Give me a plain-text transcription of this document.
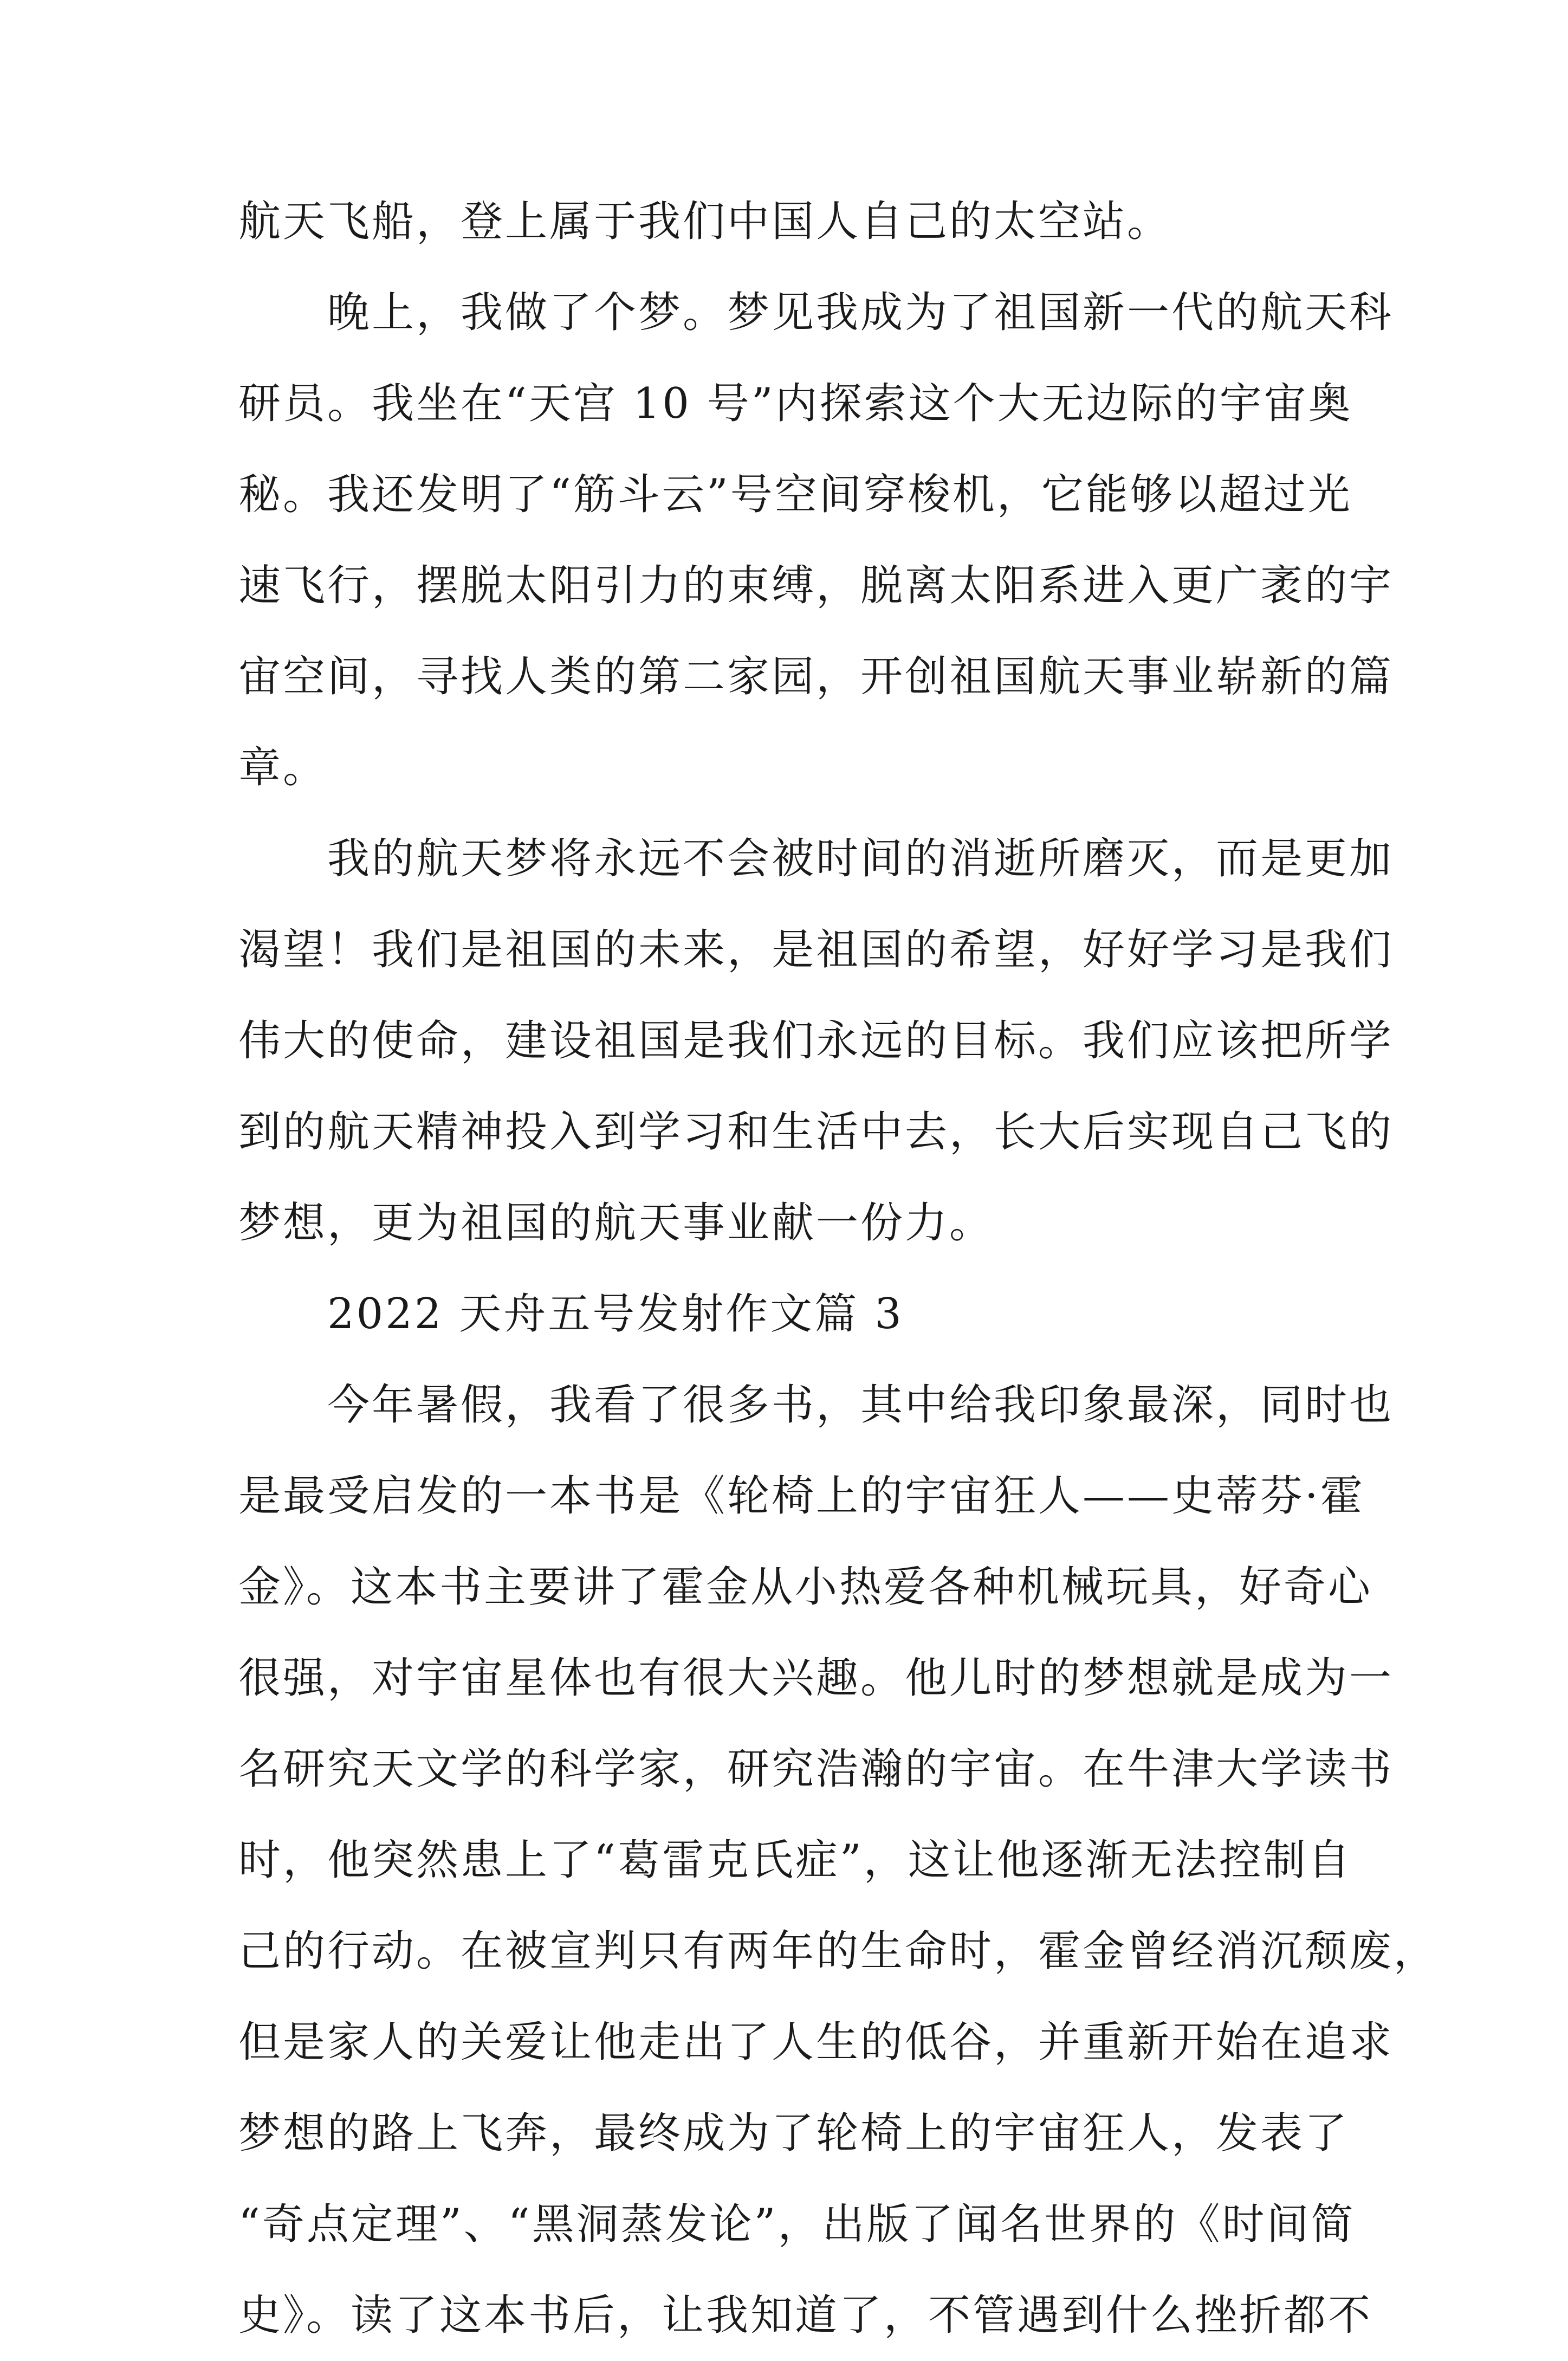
航天飞船，登上属于我们中国人自己的太空站。
晚上，我做了个梦。梦见我成为了祖国新一代的航天科
研员。我坐在“天宫 10 号”内探索这个大无边际的宇宙奥
秘。我还发明了“筋斗云”号空间穿梭机，它能够以超过光
速飞行，摆脱太阳引力的束缚，脱离太阳系进入更广袤的宇
宙空间，寻找人类的第二家园，开创祖国航天事业崭新的篇
章。
我的航天梦将永远不会被时间的消逝所磨灭，而是更加
渴望！我们是祖国的未来，是祖国的希望，好好学习是我们
伟大的使命，建设祖国是我们永远的目标。我们应该把所学
到的航天精神投入到学习和生活中去，长大后实现自己飞的
梦想，更为祖国的航天事业献一份力。
2022 天舟五号发射作文篇 3
今年暑假，我看了很多书，其中给我印象最深，同时也
是最受启发的一本书是《轮椅上的宇宙狂人——史蒂芬·霍
金》。这本书主要讲了霍金从小热爱各种机械玩具，好奇心
很强，对宇宙星体也有很大兴趣。他儿时的梦想就是成为一
名研究天文学的科学家，研究浩瀚的宇宙。在牛津大学读书
时，他突然患上了“葛雷克氏症”，这让他逐渐无法控制自
己的行动。在被宣判只有两年的生命时，霍金曾经消沉颓废，
但是家人的关爱让他走出了人生的低谷，并重新开始在追求
梦想的路上飞奔，最终成为了轮椅上的宇宙狂人，发表了
“奇点定理”、“黑洞蒸发论”，出版了闻名世界的《时间简
史》。读了这本书后，让我知道了，不管遇到什么挫折都不
